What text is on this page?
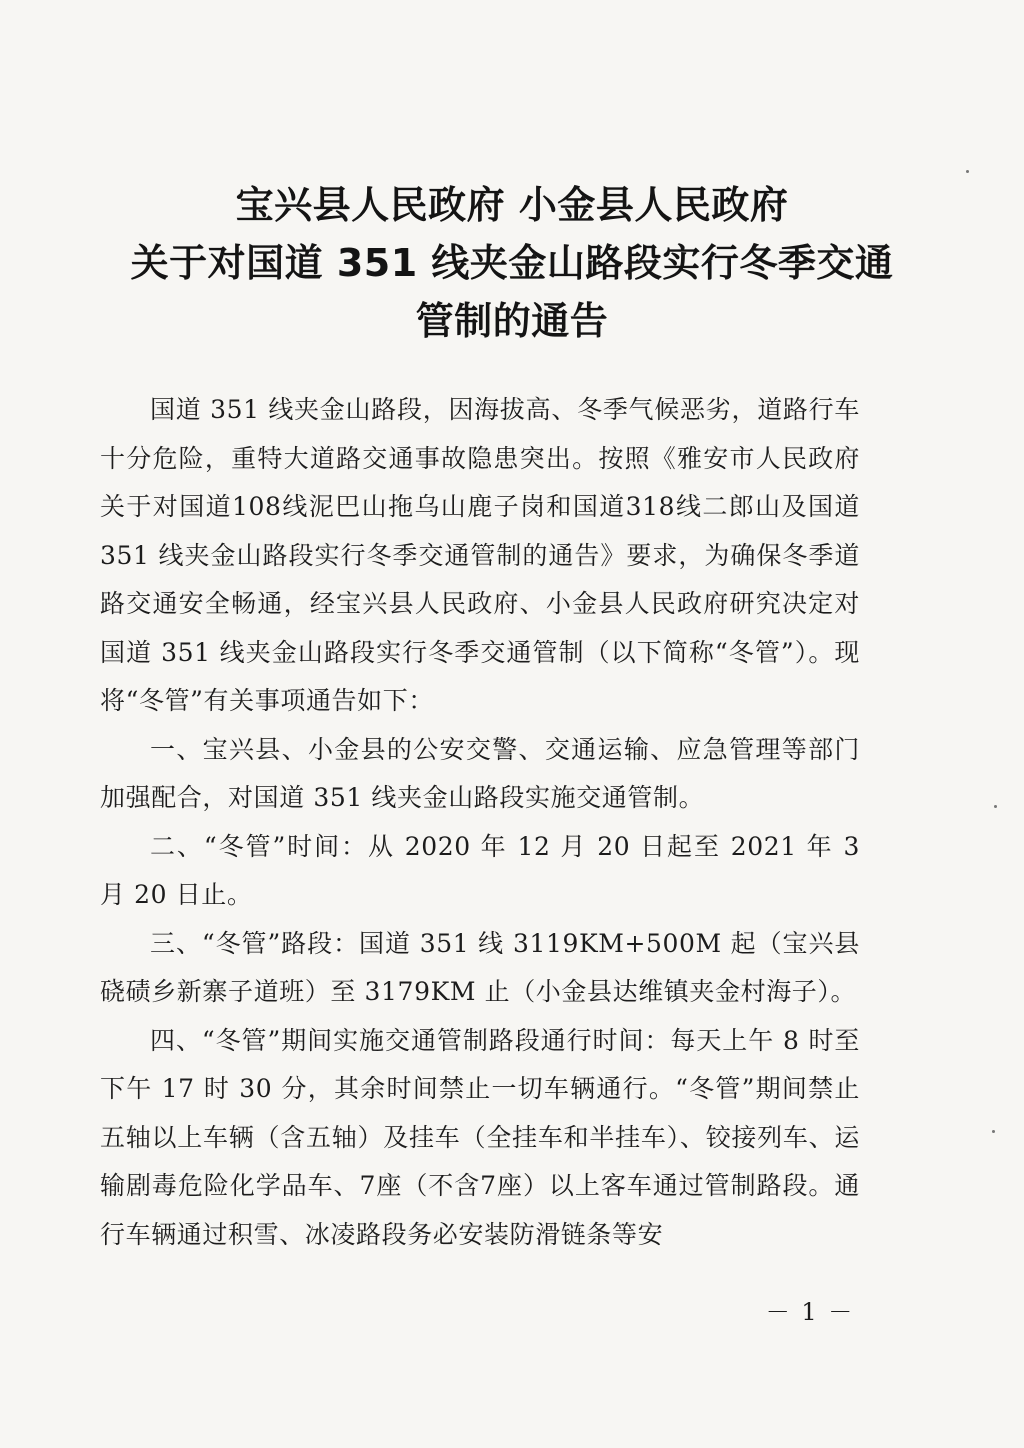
宝兴县人民政府 小金县人民政府
关于对国道 351 线夹金山路段实行冬季交通
管制的通告

国道 351 线夹金山路段，因海拔高、冬季气候恶劣，道路行车十分危险，重特大道路交通事故隐患突出。按照《雅安市人民政府关于对国道108线泥巴山拖乌山鹿子岗和国道318线二郎山及国道 351 线夹金山路段实行冬季交通管制的通告》要求，为确保冬季道路交通安全畅通，经宝兴县人民政府、小金县人民政府研究决定对国道 351 线夹金山路段实行冬季交通管制（以下简称“冬管”）。现将“冬管”有关事项通告如下：

一、宝兴县、小金县的公安交警、交通运输、应急管理等部门加强配合，对国道 351 线夹金山路段实施交通管制。

二、“冬管”时间：从 2020 年 12 月 20 日起至 2021 年 3 月 20 日止。

三、“冬管”路段：国道 351 线 3119KM+500M 起（宝兴县硗碛乡新寨子道班）至 3179KM 止（小金县达维镇夹金村海子）。

四、“冬管”期间实施交通管制路段通行时间：每天上午 8 时至下午 17 时 30 分，其余时间禁止一切车辆通行。“冬管”期间禁止五轴以上车辆（含五轴）及挂车（全挂车和半挂车）、铰接列车、运输剧毒危险化学品车、7座（不含7座）以上客车通过管制路段。通行车辆通过积雪、冰凌路段务必安装防滑链条等安

－ 1 －
